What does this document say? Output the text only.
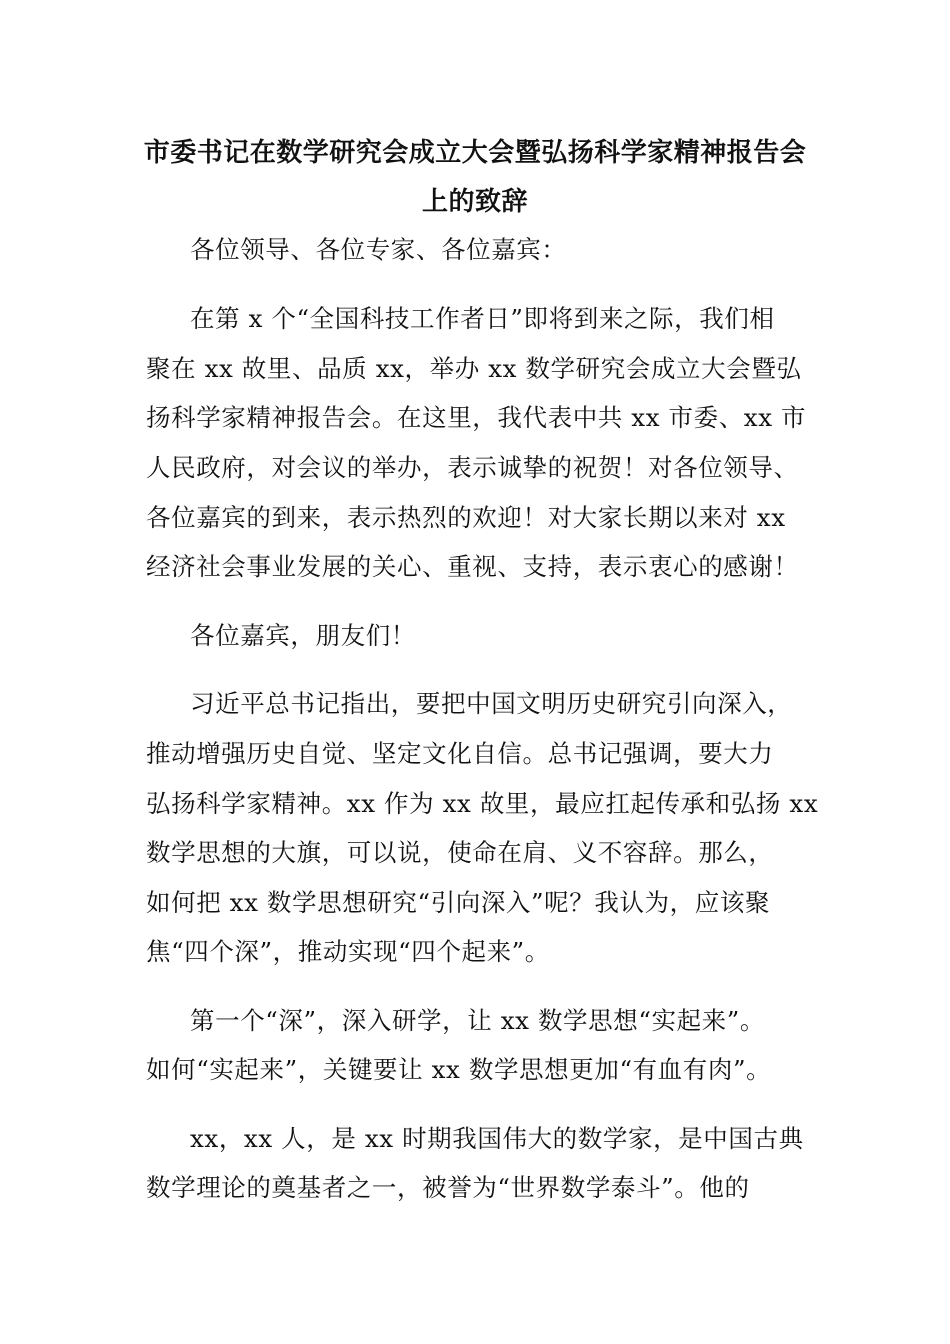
市委书记在数学研究会成立大会暨弘扬科学家精神报告会
上的致辞
各位领导、各位专家、各位嘉宾：
在第 x 个“全国科技工作者日”即将到来之际，我们相
聚在 xx 故里、品质 xx，举办 xx 数学研究会成立大会暨弘
扬科学家精神报告会。在这里，我代表中共 xx 市委、xx 市
人民政府，对会议的举办，表示诚挚的祝贺！对各位领导、
各位嘉宾的到来，表示热烈的欢迎！对大家长期以来对 xx
经济社会事业发展的关心、重视、支持，表示衷心的感谢！
各位嘉宾，朋友们！
习近平总书记指出，要把中国文明历史研究引向深入，
推动增强历史自觉、坚定文化自信。总书记强调，要大力
弘扬科学家精神。xx 作为 xx 故里，最应扛起传承和弘扬 xx
数学思想的大旗，可以说，使命在肩、义不容辞。那么，
如何把 xx 数学思想研究“引向深入”呢？我认为，应该聚
焦“四个深”，推动实现“四个起来”。
第一个“深”，深入研学，让 xx 数学思想“实起来”。
如何“实起来”，关键要让 xx 数学思想更加“有血有肉”。
xx，xx 人，是 xx 时期我国伟大的数学家，是中国古典
数学理论的奠基者之一，被誉为“世界数学泰斗”。他的
